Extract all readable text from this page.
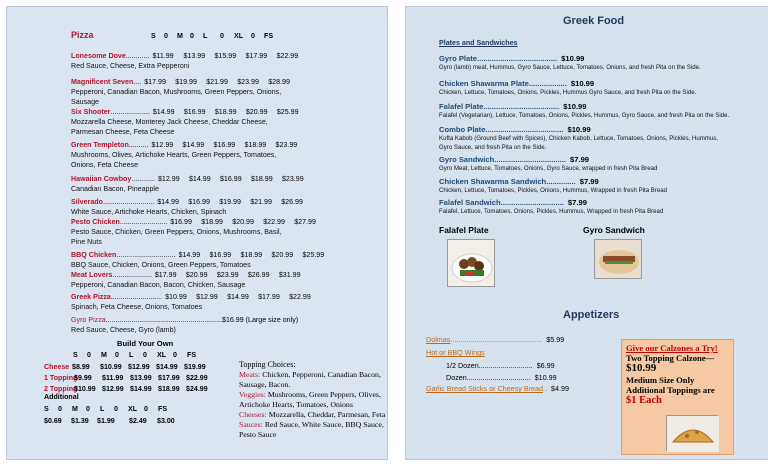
Pizza	S 0 M 0 L 0 XL 0 FS
Lonesome Dove............ $11.99 $13.99 $15.99 $17.99 $22.99
Red Sauce, Cheese, Extra Pepperoni
Magnificent Seven.... $17.99 $19.99 $21.99 $23.99 $28.99
Pepperoni, Canadian Bacon, Mushrooms, Green Peppers, Onions,
Sausage
Six Shooter.................... $14.99 $16.99 $18.99 $20.99 $25.99
Mozzarella Cheese, Monterey Jack Cheese, Cheddar Cheese,
Parmesan Cheese, Feta Cheese
Green Templeton.......... $12.99 $14.99 $16.99 $18.99 $23.99
Mushrooms, Olives, Artichoke Hearts, Green Peppers, Tomatoes,
Onions, Feta Cheese
Hawaiian Cowboy............ $12.99 $14.99 $16.99 $18.99 $23.99
Canadian Bacon, Pineapple
Silverado.......................... $14.99 $16.99 $19.99 $21.99 $26.99
White Sauce, Artichoke Hearts, Chicken, Spinach
Pesto Chicken........................ $16.99 $18.99 $20.99 $22.99 $27.99
Pesto Sauce, Chicken, Green Peppers, Onions, Mushrooms, Basil,
Pine Nuts
BBQ Chicken.............................. $14.99 $16.99 $18.99 $20.99 $25.99
BBQ Sauce, Chicken, Onions, Green Peppers, Tomatoes
Meat Lovers.................... $17.99 $20.99 $23.99 $26.99 $31.99
Pepperoni, Canadian Bacon, Bacon, Chicken, Sausage
Greek Pizza.......................... $10.99 $12.99 $14.99 $17.99 $22.99
Spinach, Feta Cheese, Onions, Tomatoes
Gyro Pizza...........................................................$16.99 (Large size only)
Red Sauce, Cheese, Gyro (lamb)
Build Your Own
S 0 M 0 L 0 XL 0 FS
Cheese $8.99 $10.99 $12.99 $14.99 $19.99
1 Topping$9.99 $11.99 $13.99 $17.99 $22.99
2 Topping$10.99 $12.99 $14.99 $18.99 $24.99
Additional
S 0 M 0 L 0 XL 0 FS
$0.69 $1.39 $1.99 $2.49 $3.00
Topping Choices:
Meats: Chicken, Pepperoni, Canadian Bacon,
Sausage, Bacon.
Veggies: Mushrooms, Green Peppers, Olives,
Artichoke Hearts, Tomatoes, Onions
Cheeses: Mozzarella, Cheddar, Parmesan, Feta
Sauces: Red Sauce, White Sauce, BBQ Sauce,
Pesto Sauce
Greek Food
Plates and Sandwiches
Gyro Plate...................................... $10.99
Gyro (lamb) meat, Hummus, Gyro Sauce, Lettuce, Tomatoes, Onions, and fresh Pita on the Side.
Chicken Shawarma Plate.................. $10.99
Chicken, Lettuce, Tomatoes, Onions, Pickles, Hummus Gyro Sauce, and fresh Pita on the Side.
Falafel Plate.................................... $10.99
Falafel (Vegetarian), Lettuce, Tomatoes, Onions, Pickles, Hummus, Gyro Sauce, and fresh Pita on the Side.
Combo Plate..................................... $10.99
Kufta Kabob (Ground Beef with Spices), Chicken Kabob, Lettuce, Tomatoes, Onions, Pickles, Hummus,
Gyro Sauce, and fresh Pita on the Side.
Gyro Sandwich.................................. $7.99
Gyro Meat, Lettuce, Tomatoes, Onions, Gyro Sauce, wrapped in fresh Pita Bread
Chicken Shawarma Sandwich.............. $7.99
Chicken, Lettuce, Tomatoes, Pickles, Onions, Hummus, Wrapped in fresh Pita Bread
Falafel Sandwich.............................. $7.99
Falafel, Lettuce, Tomatoes, Onions, Pickles, Hummus, Wrapped in fresh Pita Bread
Falafel Plate	Gyro Sandwich
Appetizers
Dolmas.............................................. $5.99
Hot or BBQ Wings
1/2 Dozen........................... $6.99
Dozen................................ $10.99
Garlic Bread Sticks or Cheesy Bread.. $4.99
Give our Calzones a Try!
Two Topping Calzone—
$10.99
Medium Size Only
Additional Toppings are
$1 Each
